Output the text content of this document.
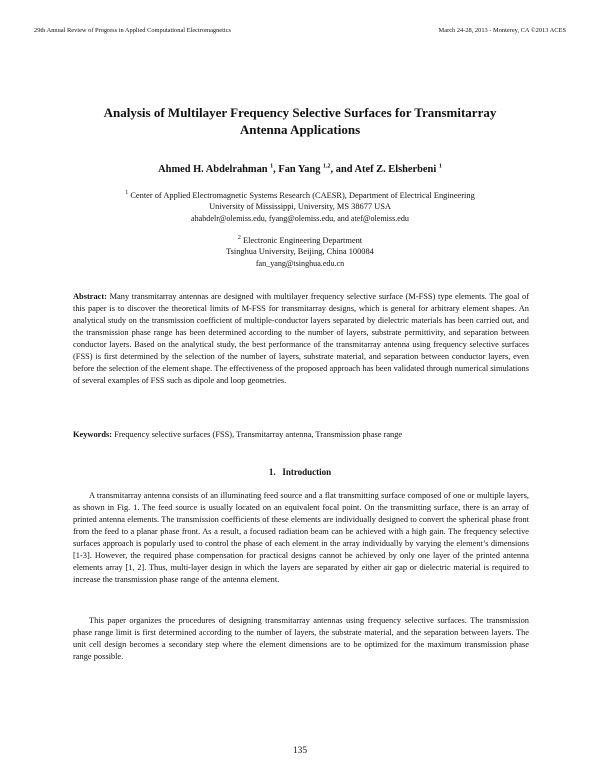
29th Annual Review of Progress in Applied Computational Electromagnetics	March 24-28, 2013 - Monterey, CA ©2013 ACES
Analysis of Multilayer Frequency Selective Surfaces for Transmitarray
Antenna Applications
Ahmed H. Abdelrahman $^1$, Fan Yang $^{1,2}$, and Atef Z. Elsherbeni $^1$
$^1$ Center of Applied Electromagnetic Systems Research (CAESR), Department of Electrical Engineering
University of Mississippi, University, MS 38677 USA
ahabdelr@olemiss.edu, fyang@olemiss.edu, and atef@olemiss.edu
$^2$ Electronic Engineering Department
Tsinghua University, Beijing, China 100084
fan_yang@tsinghua.edu.cn
Abstract: Many transmitarray antennas are designed with multilayer frequency selective surface (M-FSS) type elements. The goal of this paper is to discover the theoretical limits of M-FSS for transmitarray designs, which is general for arbitrary element shapes. An analytical study on the transmission coefficient of multiple-conductor layers separated by dielectric materials has been carried out, and the transmission phase range has been determined according to the number of layers, substrate permittivity, and separation between conductor layers. Based on the analytical study, the best performance of the transmitarray antenna using frequency selective surfaces (FSS) is first determined by the selection of the number of layers, substrate material, and separation between conductor layers, even before the selection of the element shape. The effectiveness of the proposed approach has been validated through numerical simulations of several examples of FSS such as dipole and loop geometries.
Keywords: Frequency selective surfaces (FSS), Transmitarray antenna, Transmission phase range
1. Introduction
A transmitarray antenna consists of an illuminating feed source and a flat transmitting surface composed of one or multiple layers, as shown in Fig. 1. The feed source is usually located on an equivalent focal point. On the transmitting surface, there is an array of printed antenna elements. The transmission coefficients of these elements are individually designed to convert the spherical phase front from the feed to a planar phase front. As a result, a focused radiation beam can be achieved with a high gain. The frequency selective surfaces approach is popularly used to control the phase of each element in the array individually by varying the element’s dimensions [1-3]. However, the required phase compensation for practical designs cannot be achieved by only one layer of the printed antenna elements array [1, 2]. Thus, multi-layer design in which the layers are separated by either air gap or dielectric material is required to increase the transmission phase range of the antenna element.
This paper organizes the procedures of designing transmitarray antennas using frequency selective surfaces. The transmission phase range limit is first determined according to the number of layers, the substrate material, and the separation between layers. The unit cell design becomes a secondary step where the element dimensions are to be optimized for the maximum transmission phase range possible.
135
